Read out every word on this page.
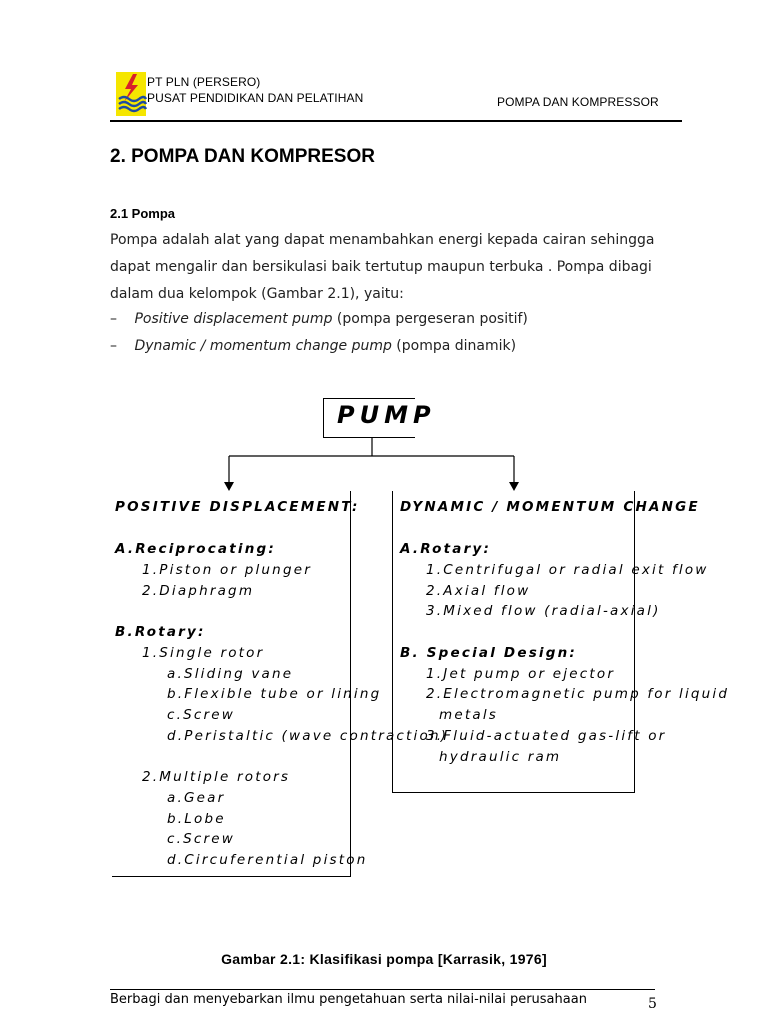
PT PLN (PERSERO)
PUSAT PENDIDIKAN DAN PELATIHAN	POMPA DAN KOMPRESSOR
2. POMPA DAN KOMPRESOR
2.1 Pompa
Pompa adalah alat yang dapat menambahkan energi kepada cairan sehingga
dapat mengalir dan bersikulasi baik tertutup maupun terbuka . Pompa dibagi
dalam dua kelompok (Gambar 2.1), yaitu:
– Positive displacement pump (pompa pergeseran positif)
– Dynamic / momentum change pump (pompa dinamik)
PUMP
POSITIVE DISPLACEMENT:
A.Reciprocating:
1.Piston or plunger
2.Diaphragm
B.Rotary:
1.Single rotor
a.Sliding vane
b.Flexible tube or lining
c.Screw
d.Peristaltic (wave contraction)
2.Multiple rotors
a.Gear
b.Lobe
c.Screw
d.Circuferential piston
DYNAMIC / MOMENTUM CHANGE
A.Rotary:
1.Centrifugal or radial exit flow
2.Axial flow
3.Mixed flow (radial-axial)
B. Special Design:
1.Jet pump or ejector
2.Electromagnetic pump for liquid
metals
3.Fluid-actuated gas-lift or
hydraulic ram
Gambar 2.1: Klasifikasi pompa [Karrasik, 1976]
Berbagi dan menyebarkan ilmu pengetahuan serta nilai-nilai perusahaan	5
